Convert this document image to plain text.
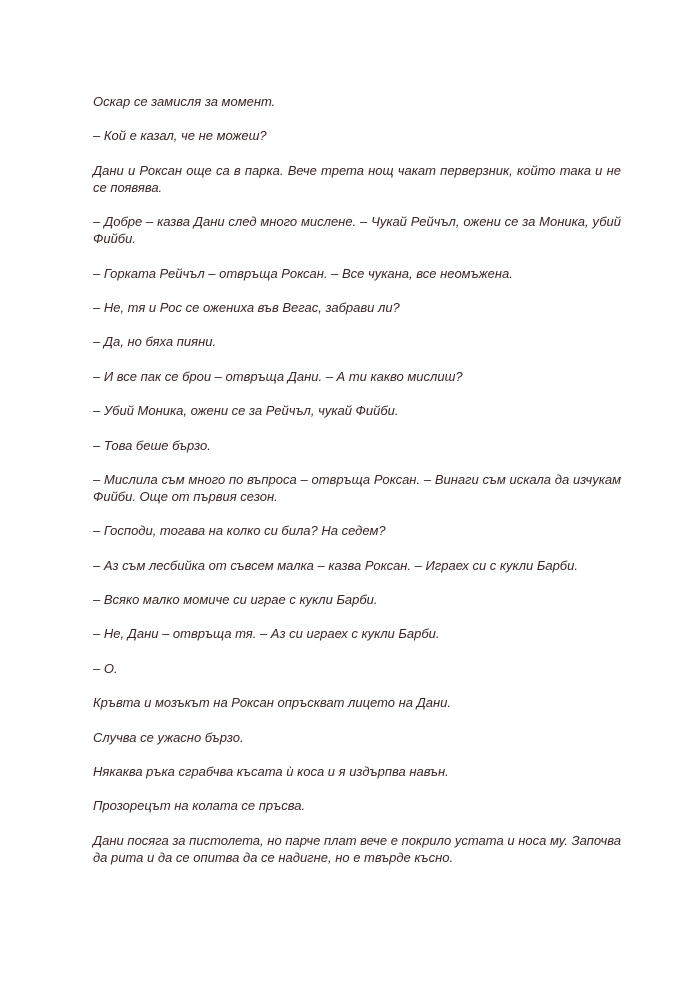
Оскар се замисля за момент.

– Кой е казал, че не можеш?

Дани и Роксан още са в парка. Вече трета нощ чакат перверзник, който така и не се появява.

– Добре – казва Дани след много мислене. – Чукай Рейчъл, ожени се за Моника, убий Фийби.

– Горката Рейчъл – отвръща Роксан. – Все чукана, все неомъжена.

– Не, тя и Рос се ожениха във Вегас, забрави ли?

– Да, но бяха пияни.

– И все пак се брои – отвръща Дани. – А ти какво мислиш?

– Убий Моника, ожени се за Рейчъл, чукай Фийби.

– Това беше бързо.

– Мислила съм много по въпроса – отвръща Роксан. – Винаги съм искала да изчукам Фийби. Още от първия сезон.

– Господи, тогава на колко си била? На седем?

– Аз съм лесбийка от съвсем малка – казва Роксан. – Играех си с кукли Барби.

– Всяко малко момиче си играе с кукли Барби.

– Не, Дани – отвръща тя. – Аз си играех с кукли Барби.

– О.

Кръвта и мозъкът на Роксан опръскват лицето на Дани.

Случва се ужасно бързо.

Някаква ръка сграбчва късата ѝ коса и я издърпва навън.

Прозорецът на колата се пръсва.

Дани посяга за пистолета, но парче плат вече е покрило устата и носа му. Започва да рита и да се опитва да се надигне, но е твърде късно.
